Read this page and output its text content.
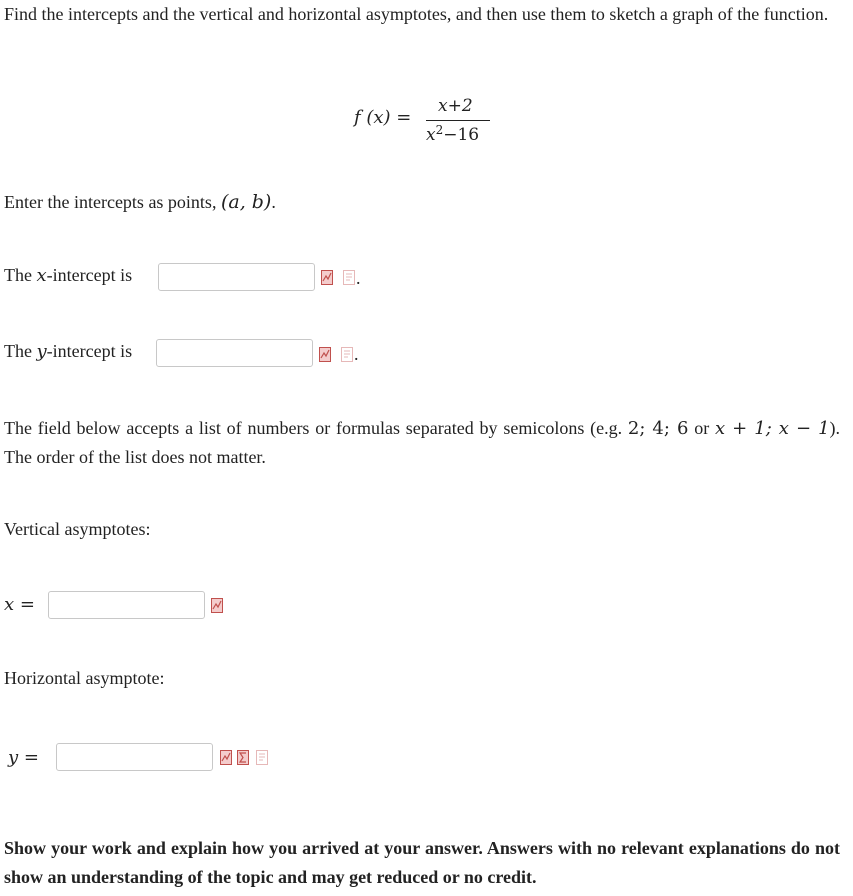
Find the intercepts and the vertical and horizontal asymptotes, and then use them to sketch a graph of the function.

f (x) =
x+2
$x^2-16$
Enter the intercepts as points, (a, b).
The x-intercept is	.
The y-intercept is	.

The field below accepts a list of numbers or formulas separated by semicolons (e.g. 2; 4; 6 or x + 1; x − 1). The order of the list does not matter.

Vertical asymptotes:
x =
Horizontal asymptote:
y =

Show your work and explain how you arrived at your answer. Answers with no relevant explanations do not show an understanding of the topic and may get reduced or no credit.
